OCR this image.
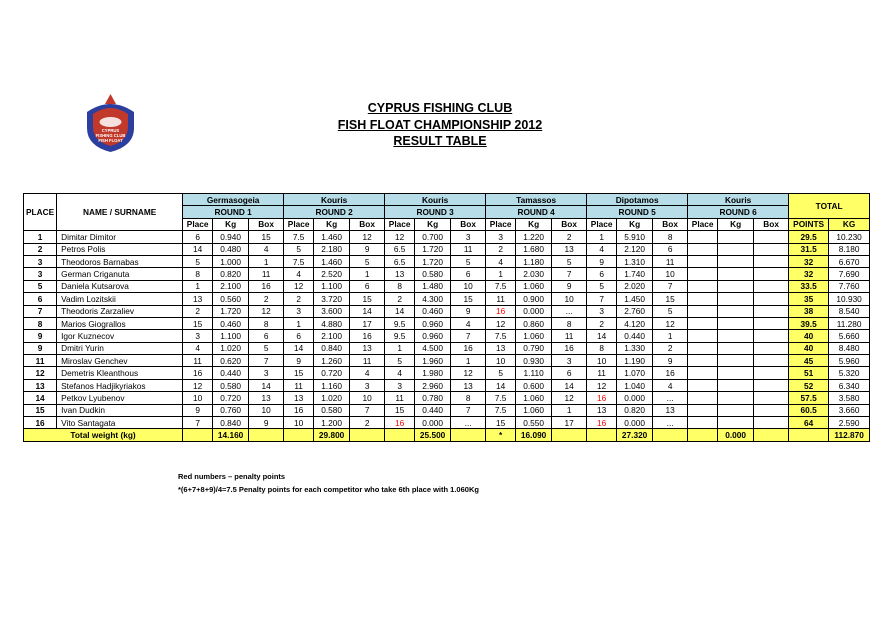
CYPRUS
FISHING CLUB
FISH FLOAT
CYPRUS FISHING CLUB
FISH FLOAT CHAMPIONSHIP 2012
RESULT TABLE
PLACE	NAME / SURNAME	Germasogeia			Kouris			Kouris			Tamassos			Dipotamos			Kouris			TOTAL	
		ROUND 1			ROUND 2			ROUND 3			ROUND 4			ROUND 5			ROUND 6				
		Place	Kg	Box	Place	Kg	Box	Place	Kg	Box	Place	Kg	Box	Place	Kg	Box	Place	Kg	Box	POINTS	KG
1	Dimitar Dimitor	6	0.940	15	7.5	1.460	12	12	0.700	3	3	1.220	2	1	5.910	8				29.5	10.230
2	Petros Polis	14	0.480	4	5	2.180	9	6.5	1.720	11	2	1.680	13	4	2.120	6				31.5	8.180
3	Theodoros Barnabas	5	1.000	1	7.5	1.460	5	6.5	1.720	5	4	1.180	5	9	1.310	11				32	6.670
3	German Criganuta	8	0.820	11	4	2.520	1	13	0.580	6	1	2.030	7	6	1.740	10				32	7.690
5	Daniela Kutsarova	1	2.100	16	12	1.100	6	8	1.480	10	7.5	1.060	9	5	2.020	7				33.5	7.760
6	Vadim Lozitskii	13	0.560	2	2	3.720	15	2	4.300	15	11	0.900	10	7	1.450	15				35	10.930
7	Theodoris Zarzaliev	2	1.720	12	3	3.600	14	14	0.460	9	16	0.000	...	3	2.760	5				38	8.540
8	Marios Giograllos	15	0.460	8	1	4.880	17	9.5	0.960	4	12	0.860	8	2	4.120	12				39.5	11.280
9	Igor Kuznecov	3	1.100	6	6	2.100	16	9.5	0.960	7	7.5	1.060	11	14	0.440	1				40	5.660
9	Dmitri Yurin	4	1.020	5	14	0.840	13	1	4.500	16	13	0.790	16	8	1.330	2				40	8.480
11	Miroslav Genchev	11	0.620	7	9	1.260	11	5	1.960	1	10	0.930	3	10	1.190	9				45	5.960
12	Demetris Kleanthous	16	0.440	3	15	0.720	4	4	1.980	12	5	1.110	6	11	1.070	16				51	5.320
13	Stefanos Hadjikyriakos	12	0.580	14	11	1.160	3	3	2.960	13	14	0.600	14	12	1.040	4				52	6.340
14	Petkov Lyubenov	10	0.720	13	13	1.020	10	11	0.780	8	7.5	1.060	12	16	0.000	...				57.5	3.580
15	Ivan Dudkin	9	0.760	10	16	0.580	7	15	0.440	7	7.5	1.060	1	13	0.820	13				60.5	3.660
16	Vito Santagata	7	0.840	9	10	1.200	2	16	0.000	...	15	0.550	17	16	0.000	...				64	2.590
Total weight (kg)			14.160			29.800			25.500		*	16.090			27.320			0.000			112.870
Red numbers – penalty points
*(6+7+8+9)/4=7.5 Penalty points for each competitor who take 6th place with 1.060Kg
